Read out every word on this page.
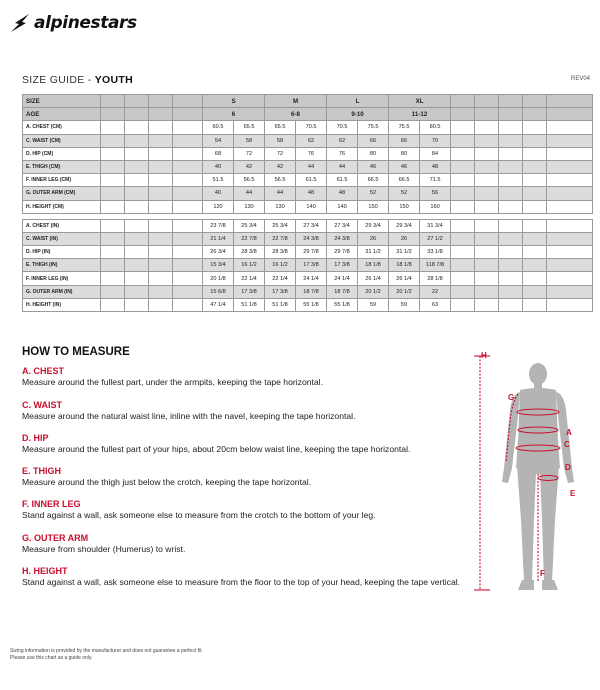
alpinestars
SIZE GUIDE - YOUTH	REV04
SIZE					S		M		L		XL						
AGE					6		6-8		9-10		11-12						
A. CHEST (CM)					60.5	65.5	65.5	70.5	70.5	75.5	75.5	80.5					
C. WAIST (CM)					54	58	58	62	62	66	66	70					
D. HIP (CM)					68	72	72	76	76	80	80	84					
E. THIGH (CM)					40	42	42	44	44	46	46	48					
F. INNER LEG (CM)					51.5	56.5	56.5	61.5	61.5	66.5	66.5	71.5					
G. OUTER ARM (CM)					40	44	44	48	48	52	52	56					
H. HEIGHT (CM)					120	130	130	140	140	150	150	160					

A. CHEST (IN)					23 7/8	25 3/4	25 3/4	27 3/4	27 3/4	29 3/4	29 3/4	31 3/4					
C. WAIST (IN)					21 1/4	22 7/8	22 7/8	24 3/8	24 3/8	26	26	27 1/2					
D. HIP (IN)					26 3/4	28 3/8	28 3/8	29 7/8	29 7/8	31 1/2	31 1/2	33 1/8					
E. THIGH (IN)					15 3/4	16 1/2	16 1/2	17 3/8	17 3/8	18 1/8	18 1/8	118 7/8					
F. INNER LEG (IN)					20 1/8	22 1/4	22 1/4	24 1/4	24 1/4	26 1/4	26 1/4	28 1/8					
G. OUTER ARM (IN)					15 6/8	17 3/8	17 3/8	18 7/8	18 7/8	20 1/2	20 1/2	22					
H. HEIGHT (IN)					47 1/4	51 1/8	51 1/8	55 1/8	55 1/8	59	59	63					
HOW TO MEASURE
A. CHEST
Measure around the fullest part, under the armpits, keeping the tape horizontal.
C. WAIST
Measure around the natural waist line, inline with the navel, keeping the tape horizontal.
D. HIP
Measure around the fullest part of your hips, about 20cm below waist line, keeping the tape horizontal.
E. THIGH
Measure around the thigh just below the crotch, keeping the tape horizontal.
F. INNER LEG
Stand against a wall, ask someone else to measure from the crotch to the bottom of your leg.
G. OUTER ARM
Measure from shoulder (Humerus) to wrist.
H. HEIGHT
Stand against a wall, ask someone else to measure from the floor to the top of your head, keeping the tape vertical.
H
G
A
C
D
E
F
Sizing information is provided by the manufacturer and does not guarantee a perfect fit.
Please use this chart as a guide only.
